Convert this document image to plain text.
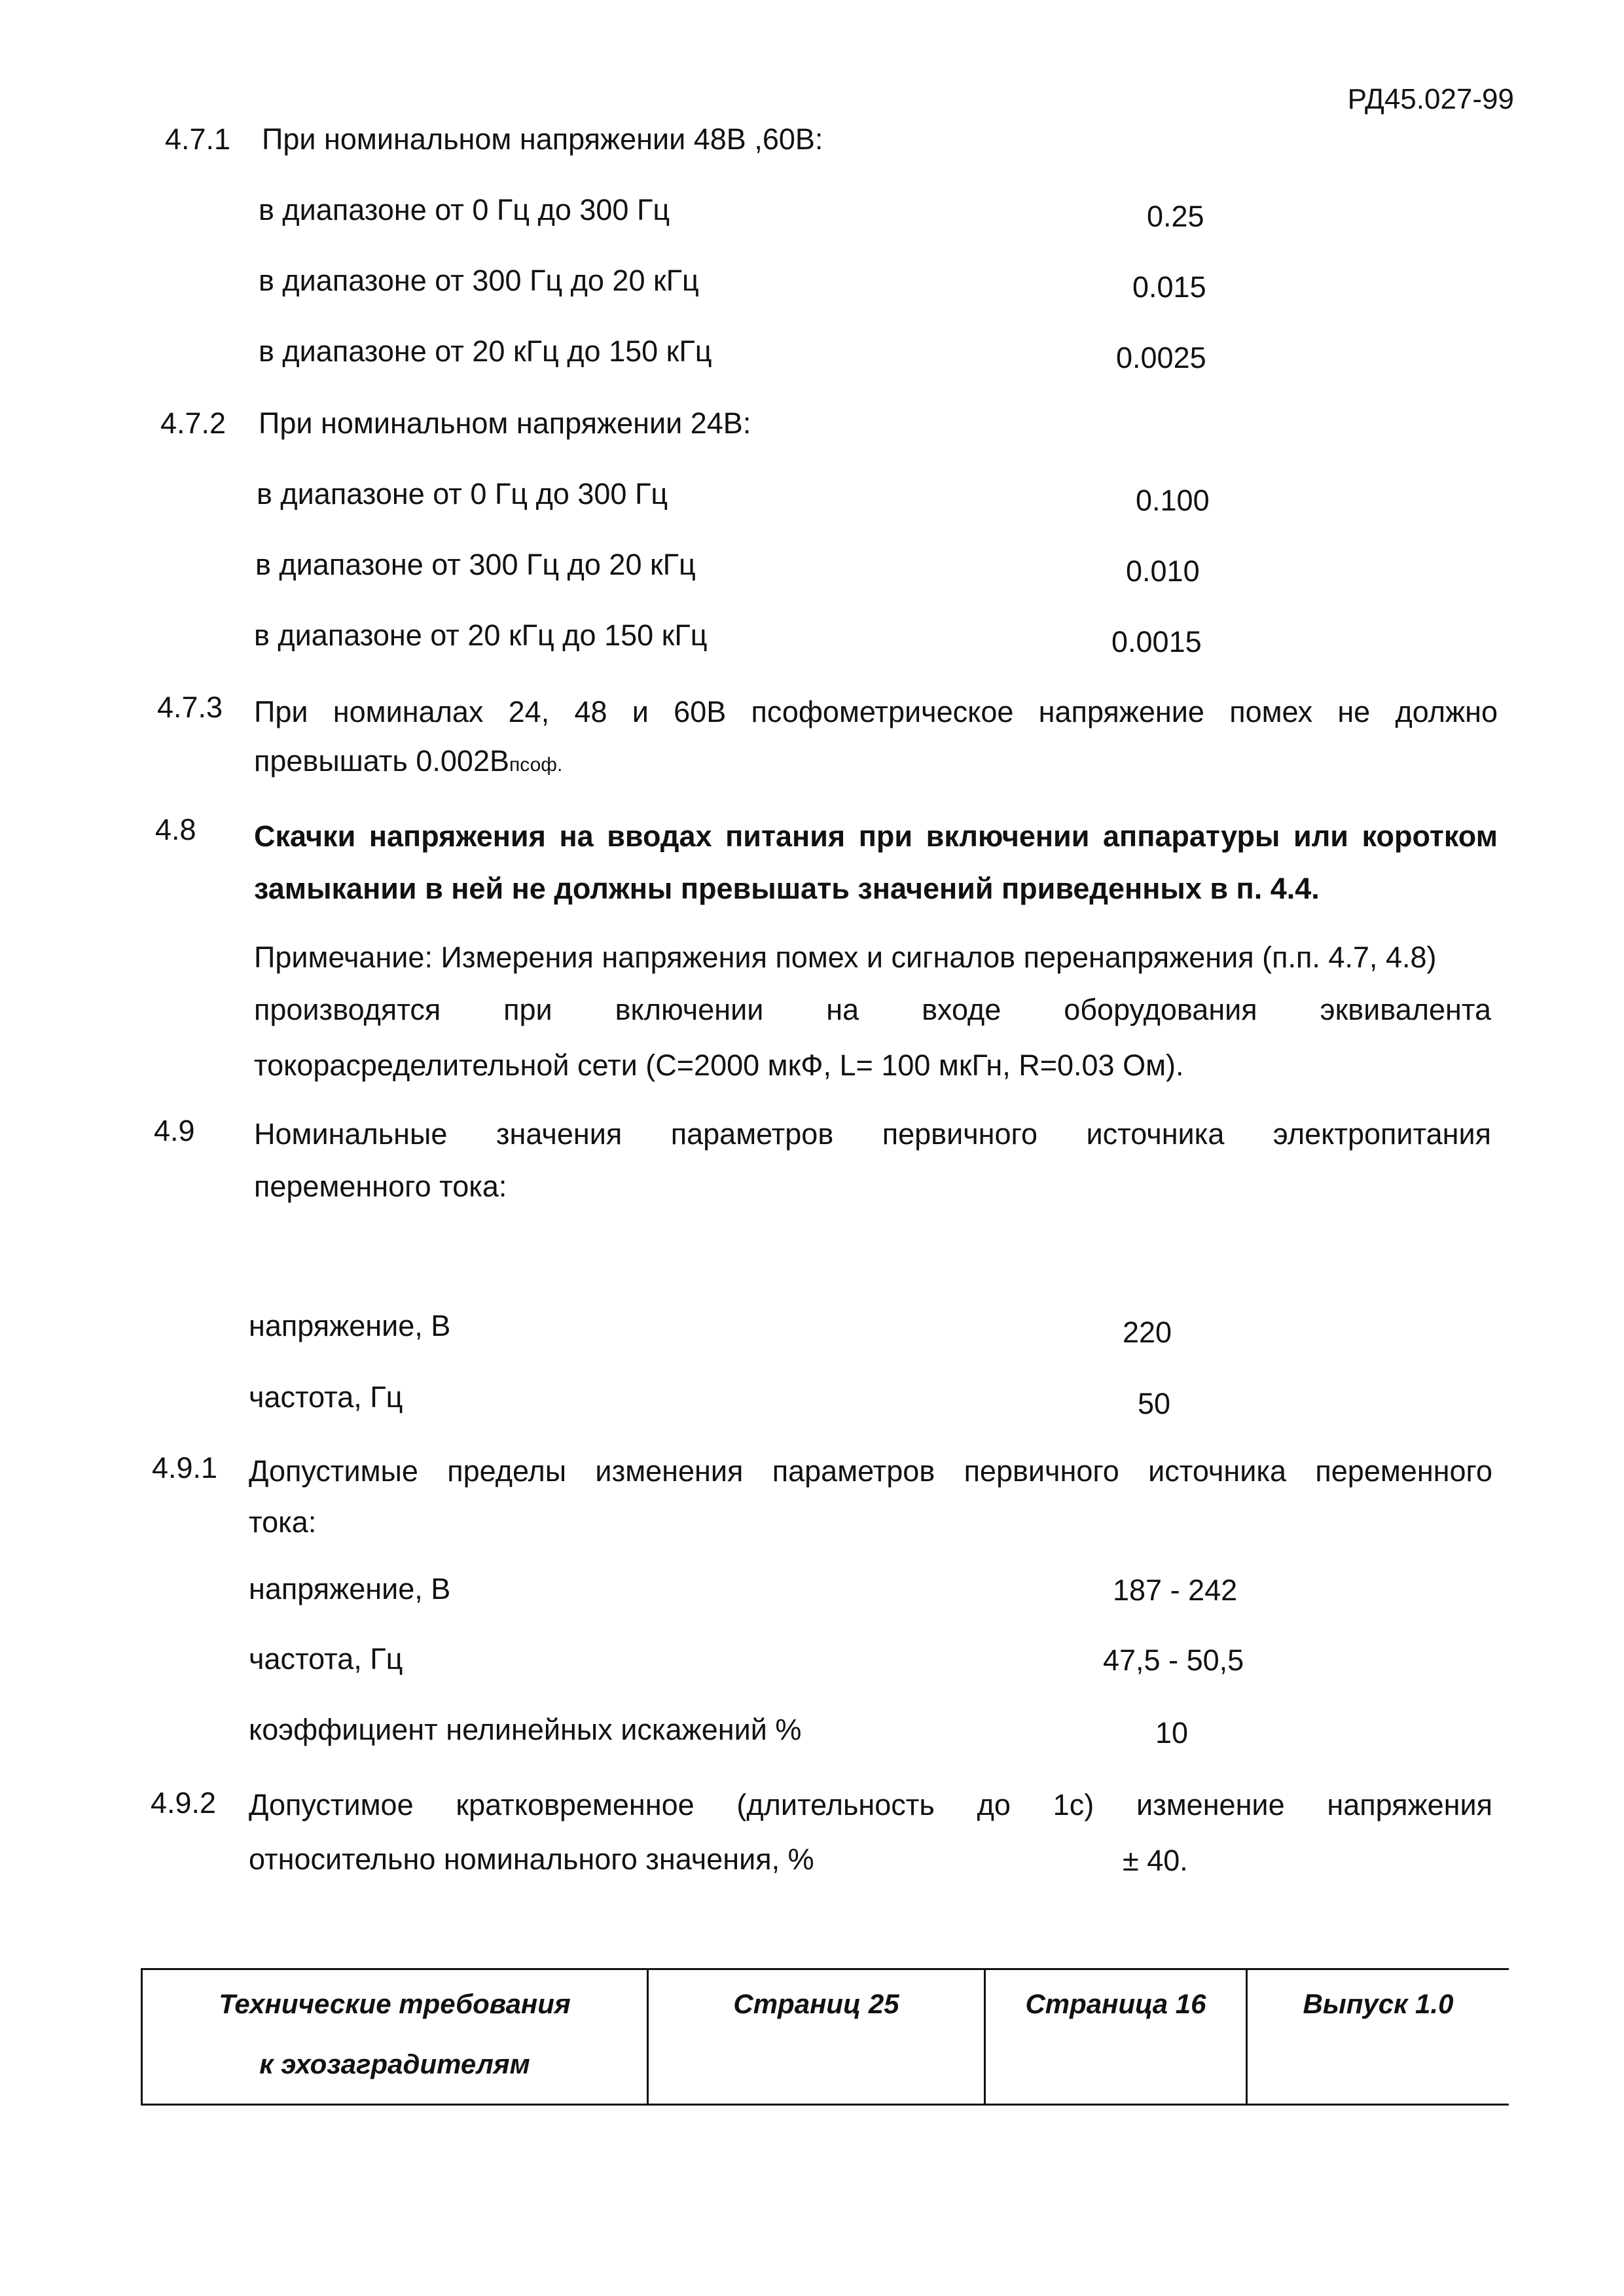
РД45.027-99
4.7.1 При номинальном напряжении 48В ,60В:
в диапазоне от 0 Гц до 300 Гц	0.25
в диапазоне от 300 Гц до 20 кГц	0.015
в диапазоне от 20 кГц до 150 кГц	0.0025
4.7.2 При номинальном напряжении 24В:
в диапазоне от 0 Гц до 300 Гц	0.100
в диапазоне от 300 Гц до 20 кГц	0.010
в диапазоне от 20 кГц до 150 кГц	0.0015
4.7.3 При номиналах 24, 48 и 60В псофометрическое напряжение помех не должно
превышать 0.002Впсоф.
4.8 Скачки напряжения на вводах питания при включении аппаратуры или коротком
замыкании в ней не должны превышать значений приведенных в п. 4.4.
Примечание: Измерения напряжения помех и сигналов перенапряжения (п.п. 4.7, 4.8)
производятся при включении на входе оборудования эквивалента
токорасределительной сети (С=2000 мкФ, L= 100 мкГн, R=0.03 Ом).
4.9 Номинальные значения параметров первичного источника электропитания
переменного тока:
напряжение, В	220
частота, Гц	50
4.9.1 Допустимые пределы изменения параметров первичного источника переменного
тока:
напряжение, В	187 - 242
частота, Гц	47,5 - 50,5
коэффициент нелинейных искажений %	10
4.9.2 Допустимое кратковременное (длительность до 1с) изменение напряжения
относительно номинального значения, %	± 40.
Технические требования
к эхозаградителям
	Страниц 25	Страница 16	Выпуск 1.0
